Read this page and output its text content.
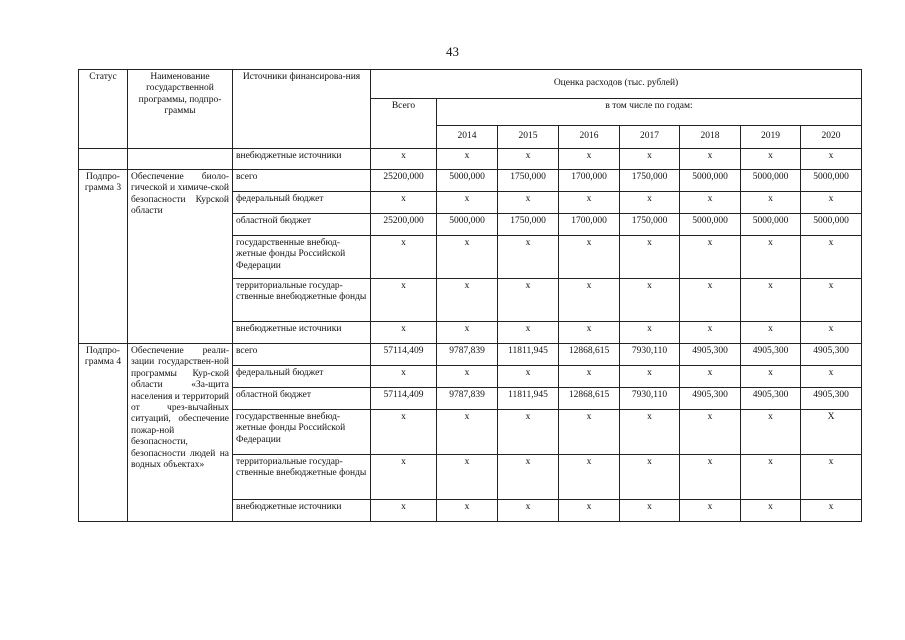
43
Статус	Наименование государственной программы, подпро-граммы	Источники финансирова-ния	Оценка расходов (тыс. рублей)							
			Всего	в том числе по годам:						
				2014	2015	2016	2017	2018	2019	2020
		внебюджетные источники	х	х	х	х	х	х	х	х
Подпро-грамма 3	Обеспечение биоло-гической и химиче-ской безопасности Курской области	всего	25200,000	5000,000	1750,000	1700,000	1750,000	5000,000	5000,000	5000,000
		федеральный бюджет	х	х	х	х	х	х	х	х
		областной бюджет	25200,000	5000,000	1750,000	1700,000	1750,000	5000,000	5000,000	5000,000
		государственные внебюд-жетные фонды Российской Федерации	х	х	х	х	х	х	х	х
		территориальные государ-ственные внебюджетные фонды	х	х	х	х	х	х	х	х
		внебюджетные источники	х	х	х	х	х	х	х	х
Подпро-грамма 4	Обеспечение реали-зации государствен-ной программы Кур-ской области «За-щита населения и территорий от чрез-вычайных ситуаций, обеспечение пожар-ной безопасности, безопасности людей на водных объектах»	всего	57114,409	9787,839	11811,945	12868,615	7930,110	4905,300	4905,300	4905,300
		федеральный бюджет	х	х	х	х	х	х	х	х
		областной бюджет	57114,409	9787,839	11811,945	12868,615	7930,110	4905,300	4905,300	4905,300
		государственные внебюд-жетные фонды Российской Федерации	х	х	х	х	х	х	х	Х
		территориальные государ-ственные внебюджетные фонды	х	х	х	х	х	х	х	х
		внебюджетные источники	х	х	х	х	х	х	х	х
